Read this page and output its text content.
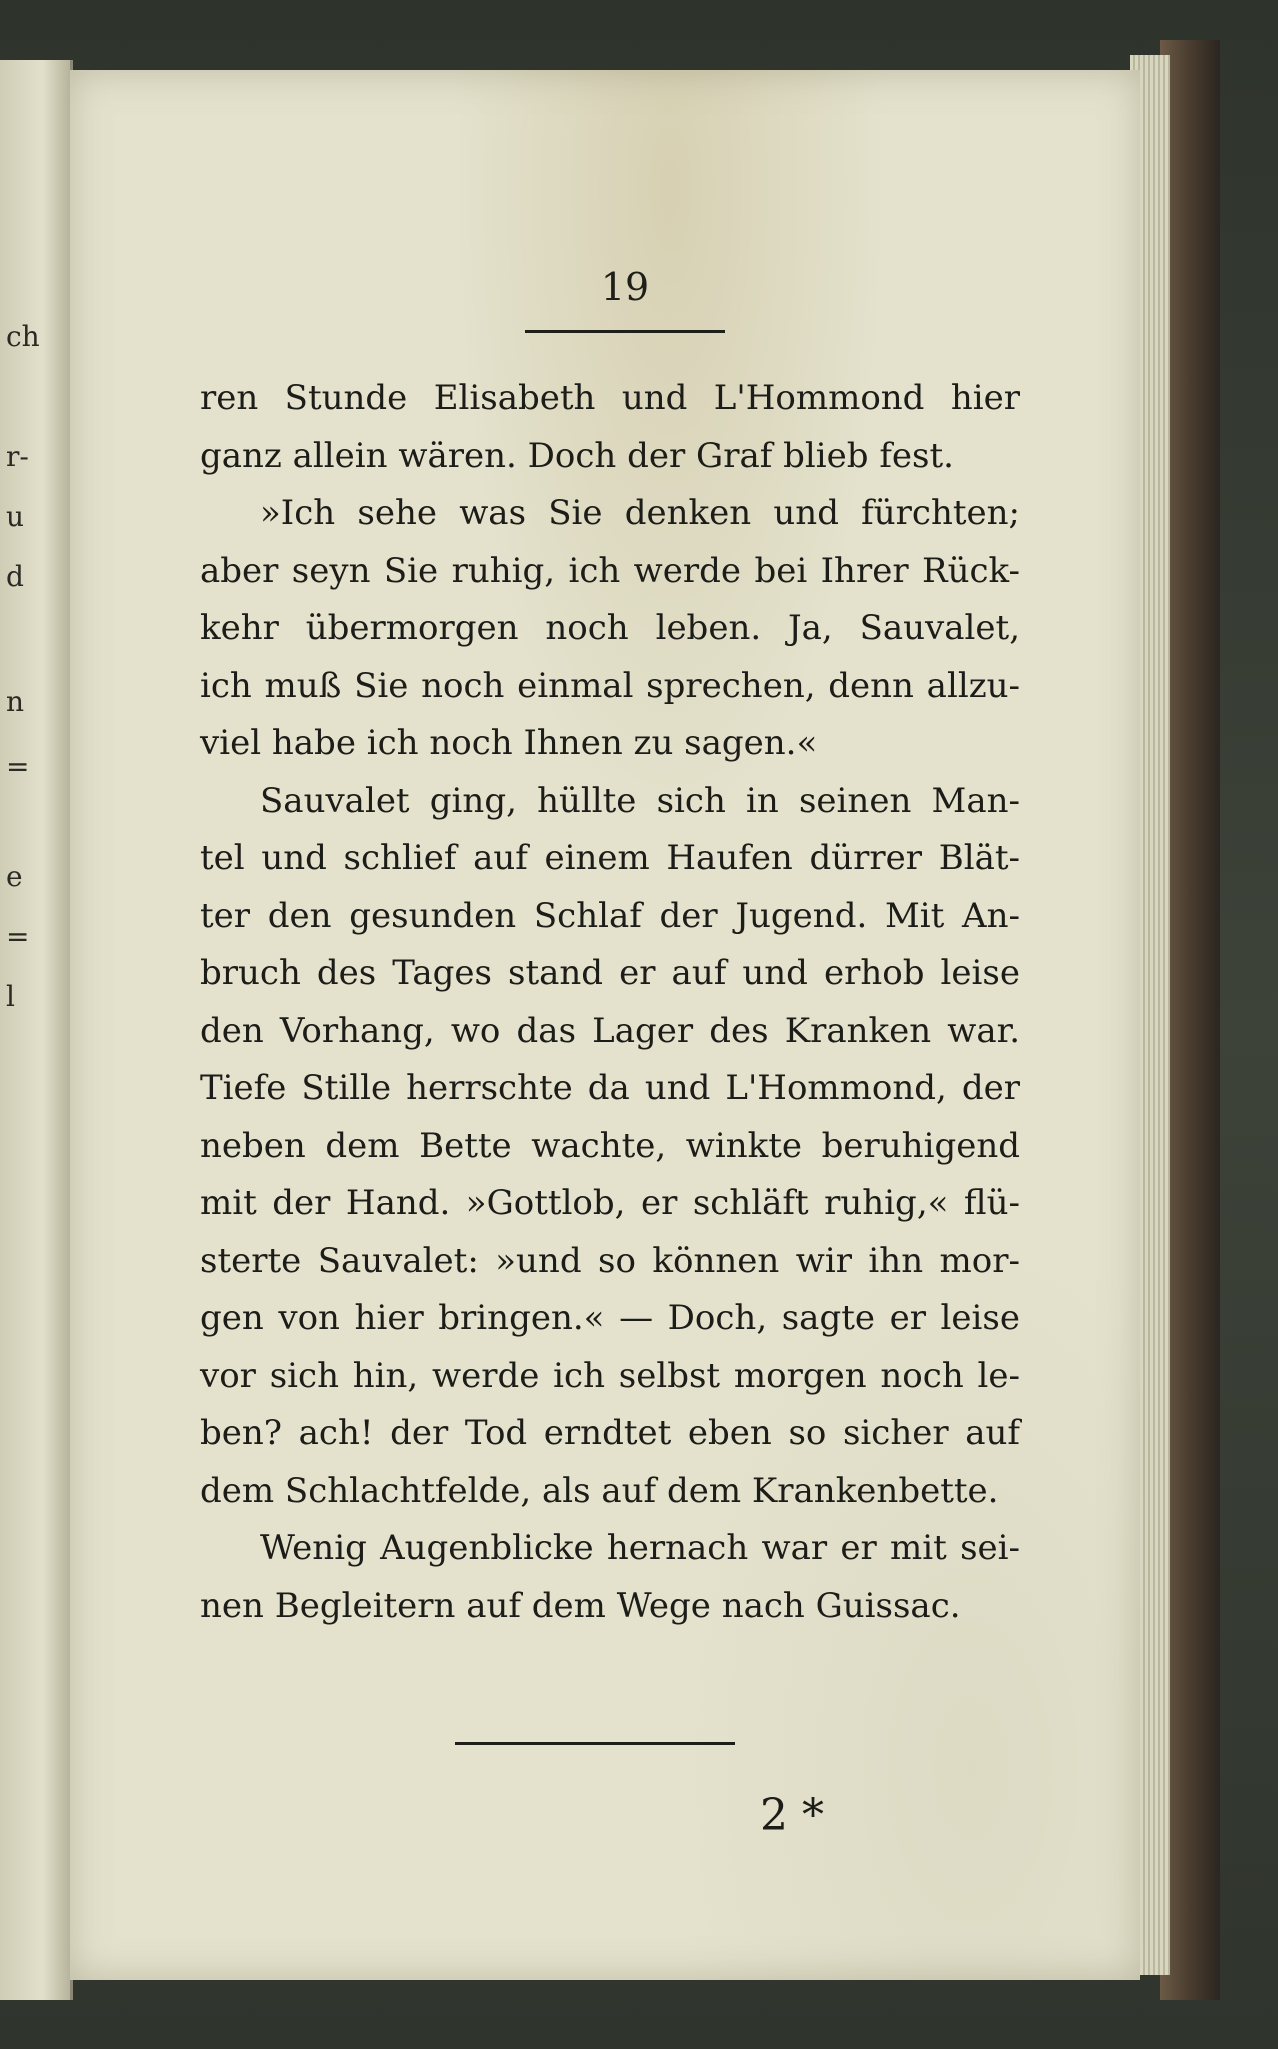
ch
r-
u
d
n
=
e
=
l
19
ren Stunde Elisabeth und L'Hommond hier
ganz allein wären. Doch der Graf blieb fest.
»Ich sehe was Sie denken und fürchten;
aber seyn Sie ruhig, ich werde bei Ihrer Rück-
kehr übermorgen noch leben. Ja, Sauvalet,
ich muß Sie noch einmal sprechen, denn allzu-
viel habe ich noch Ihnen zu sagen.«
Sauvalet ging, hüllte sich in seinen Man-
tel und schlief auf einem Haufen dürrer Blät-
ter den gesunden Schlaf der Jugend. Mit An-
bruch des Tages stand er auf und erhob leise
den Vorhang, wo das Lager des Kranken war.
Tiefe Stille herrschte da und L'Hommond, der
neben dem Bette wachte, winkte beruhigend
mit der Hand. »Gottlob, er schläft ruhig,« flü-
sterte Sauvalet: »und so können wir ihn mor-
gen von hier bringen.« — Doch, sagte er leise
vor sich hin, werde ich selbst morgen noch le-
ben? ach! der Tod erndtet eben so sicher auf
dem Schlachtfelde, als auf dem Krankenbette.
Wenig Augenblicke hernach war er mit sei-
nen Begleitern auf dem Wege nach Guissac.
2 *
